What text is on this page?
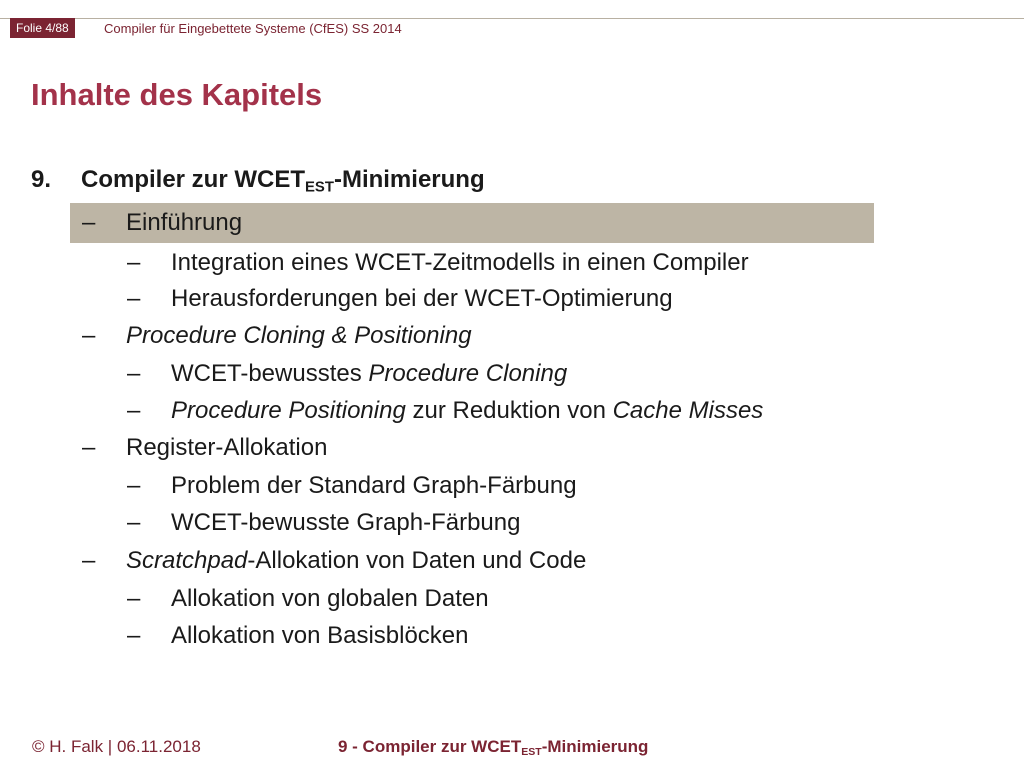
Folie 4/88	Compiler für Eingebettete Systeme (CfES) SS 2014
Inhalte des Kapitels
9. Compiler zur $WCET_{EST}$-Minimierung
– Einführung
– Integration eines WCET-Zeitmodells in einen Compiler
– Herausforderungen bei der WCET-Optimierung
– Procedure Cloning & Positioning
– WCET-bewusstes Procedure Cloning
– Procedure Positioning zur Reduktion von Cache Misses
– Register-Allokation
– Problem der Standard Graph-Färbung
– WCET-bewusste Graph-Färbung
– Scratchpad-Allokation von Daten und Code
– Allokation von globalen Daten
– Allokation von Basisblöcken
© H. Falk | 06.11.2018	9 - Compiler zur $WCET_{EST}$-Minimierung
